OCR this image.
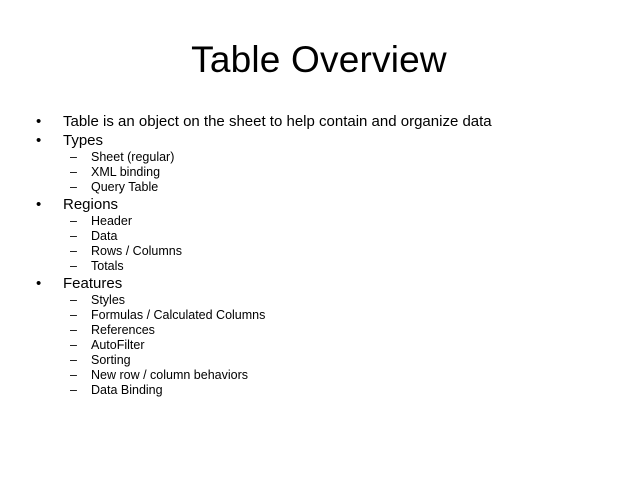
Table Overview
•	Table is an object on the sheet to help contain and organize data
•	Types
– Sheet (regular)
– XML binding
– Query Table
•	Regions
– Header
– Data
– Rows / Columns
– Totals
•	Features
– Styles
– Formulas / Calculated Columns
– References
– AutoFilter
– Sorting
– New row / column behaviors
– Data Binding
